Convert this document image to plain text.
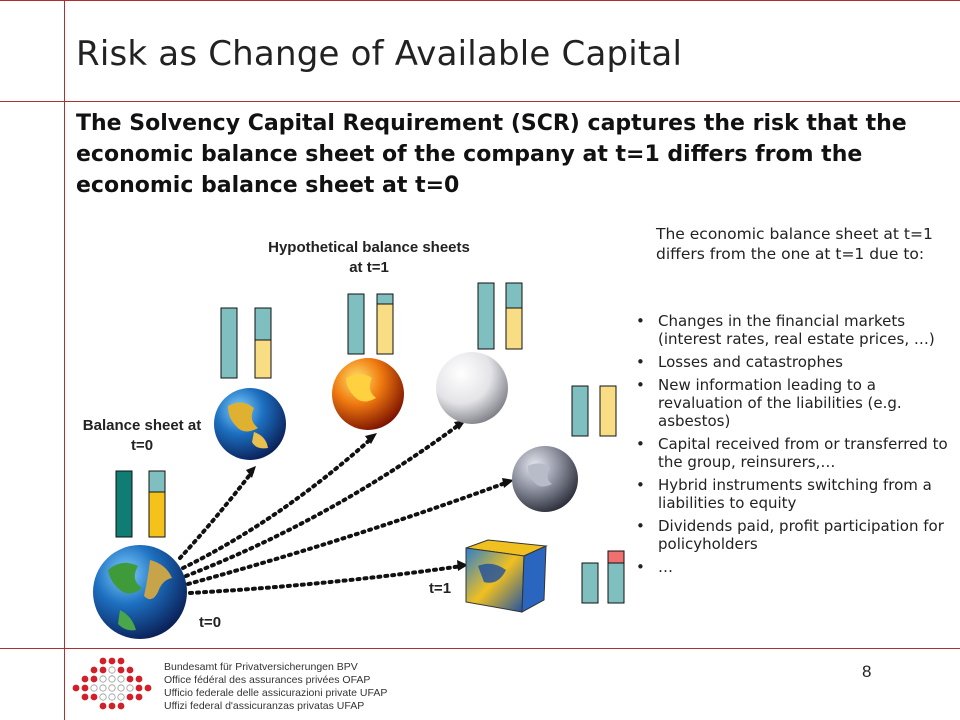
Risk as Change of Available Capital
The Solvency Capital Requirement (SCR) captures the risk that the economic balance sheet of the company at t=1 differs from the economic balance sheet at t=0
Balance sheet at t=0
Hypothetical balance sheets at t=1
t=0
t=1
The economic balance sheet at t=1 differs from the one at t=1 due to:
• Changes in the financial markets (interest rates, real estate prices, …)
• Losses and catastrophes
• New information leading to a revaluation of the liabilities (e.g. asbestos)
• Capital received from or transferred to the group, reinsurers,…
• Hybrid instruments switching from a liabilities to equity
• Dividends paid, profit participation for policyholders
• …
Bundesamt für Privatversicherungen BPV
Office fédéral des assurances privées OFAP
Ufficio federale delle assicurazioni private UFAP
Uffizi federal d'assicuranzas privatas UFAP
8
